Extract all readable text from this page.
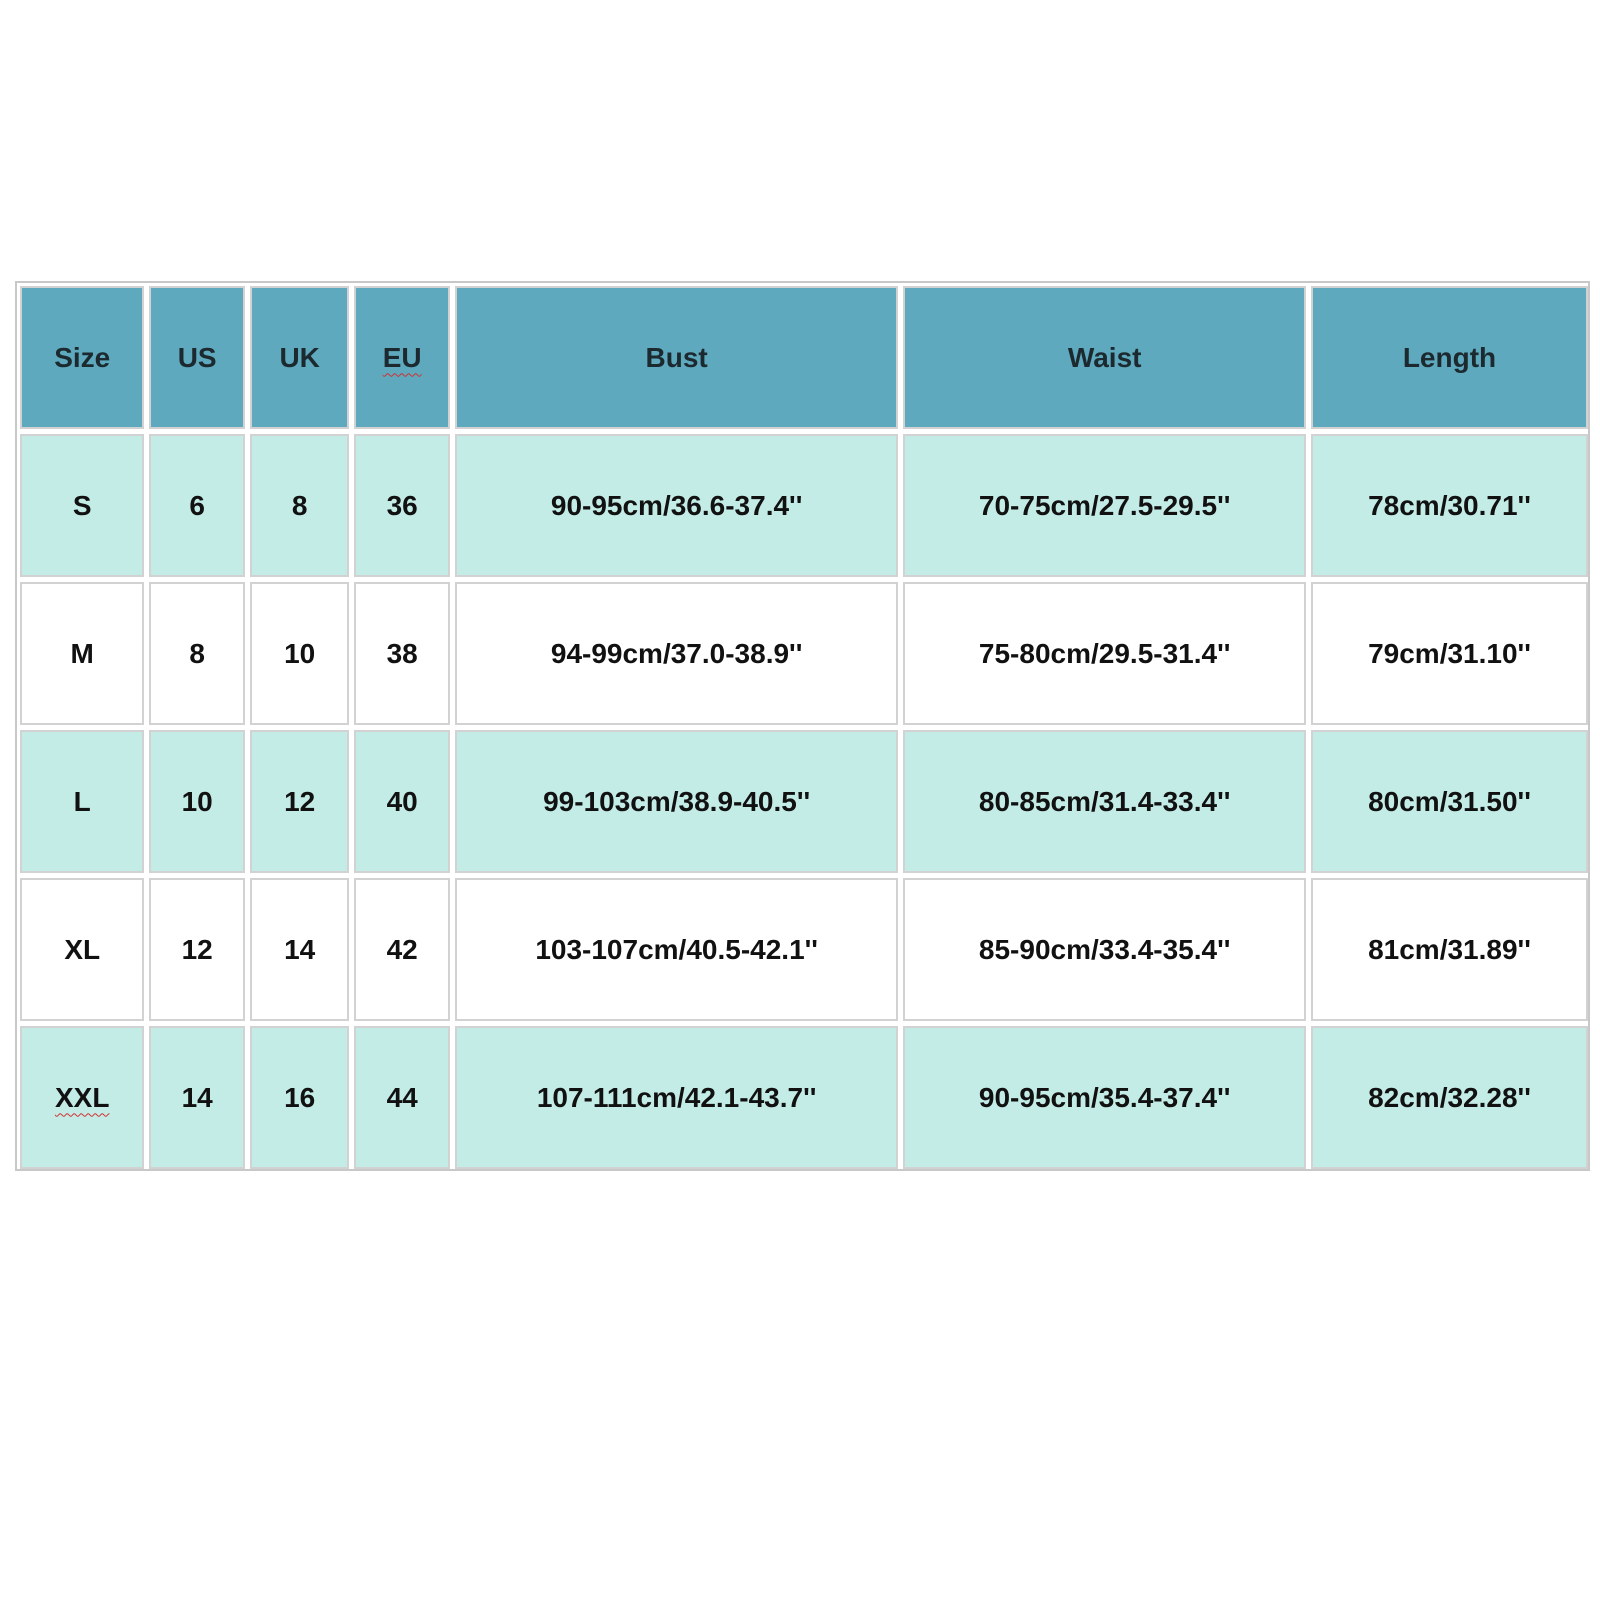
Size	US	UK	EU	Bust	Waist	Length
S	6	8	36	90-95cm/36.6-37.4''	70-75cm/27.5-29.5''	78cm/30.71''
M	8	10	38	94-99cm/37.0-38.9''	75-80cm/29.5-31.4''	79cm/31.10''
L	10	12	40	99-103cm/38.9-40.5''	80-85cm/31.4-33.4''	80cm/31.50''
XL	12	14	42	103-107cm/40.5-42.1''	85-90cm/33.4-35.4''	81cm/31.89''
XXL	14	16	44	107-111cm/42.1-43.7''	90-95cm/35.4-37.4''	82cm/32.28''
